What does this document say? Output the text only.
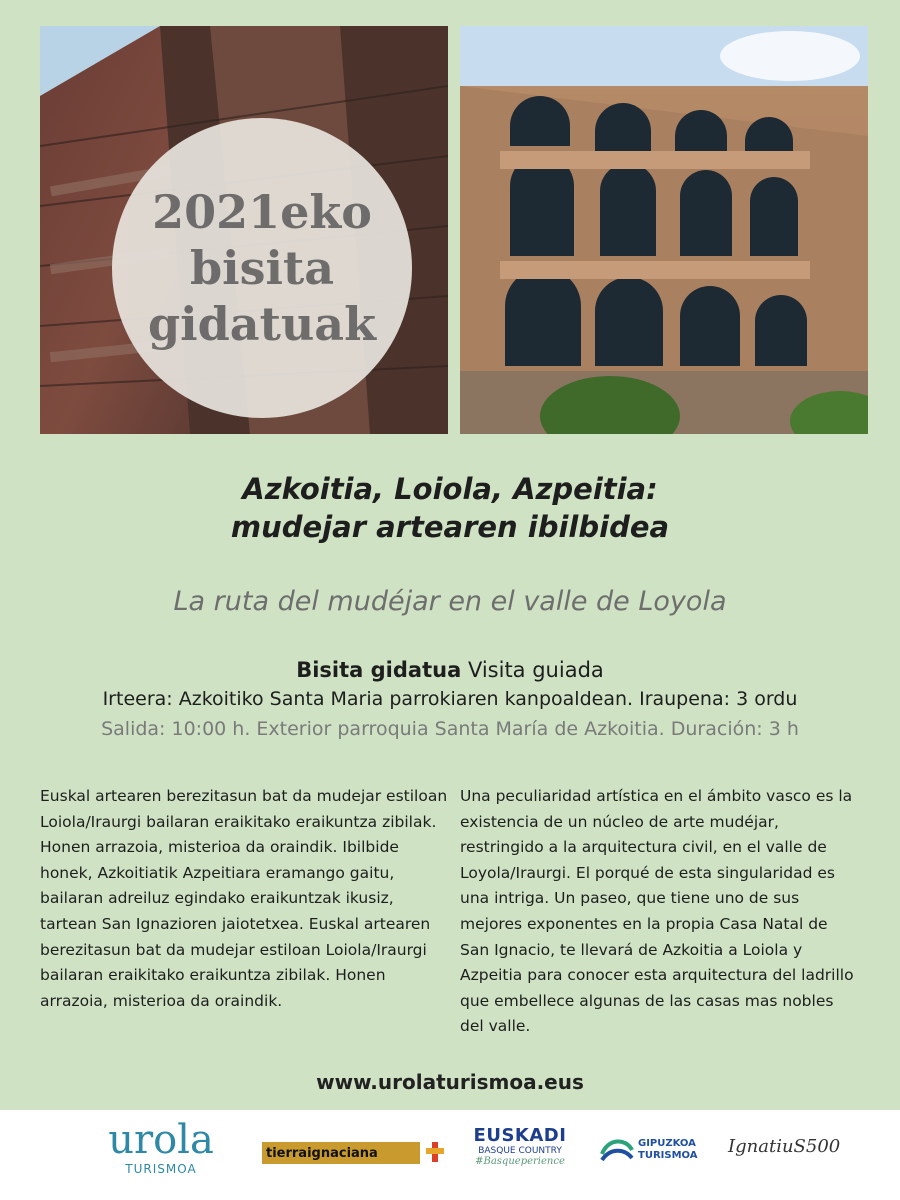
2021eko
bisita
gidatuak
Azkoitia, Loiola, Azpeitia:
mudejar artearen ibilbidea
La ruta del mudéjar en el valle de Loyola
Bisita gidatua Visita guiada
Irteera: Azkoitiko Santa Maria parrokiaren kanpoaldean. Iraupena: 3 ordu
Salida: 10:00 h. Exterior parroquia Santa María de Azkoitia. Duración: 3 h
Euskal artearen berezitasun bat da mudejar estiloan Loiola/Iraurgi bailaran eraikitako eraikuntza zibilak. Honen arrazoia, misterioa da oraindik. Ibilbide honek, Azkoitiatik Azpeitiara eramango gaitu, bailaran adreiluz egindako eraikuntzak ikusiz, tartean San Ignazioren jaiotetxea. Euskal artearen berezitasun bat da mudejar estiloan Loiola/Iraurgi bailaran eraikitako eraikuntza zibilak. Honen arrazoia, misterioa da oraindik.
Una peculiaridad artística en el ámbito vasco es la existencia de un núcleo de arte mudéjar, restringido a la arquitectura civil, en el valle de Loyola/Iraurgi. El porqué de esta singularidad es una intriga. Un paseo, que tiene uno de sus mejores exponentes en la propia Casa Natal de San Ignacio, te llevará de Azkoitia a Loiola y Azpeitia para conocer esta arquitectura del ladrillo que embellece algunas de las casas mas nobles del valle.
www.urolaturismoa.eus
urola
TURISMOA
tierraignaciana
EUSKADI
BASQUE COUNTRY
#Basqueperience
GIPUZKOA
TURISMOA IgnatiuS500
